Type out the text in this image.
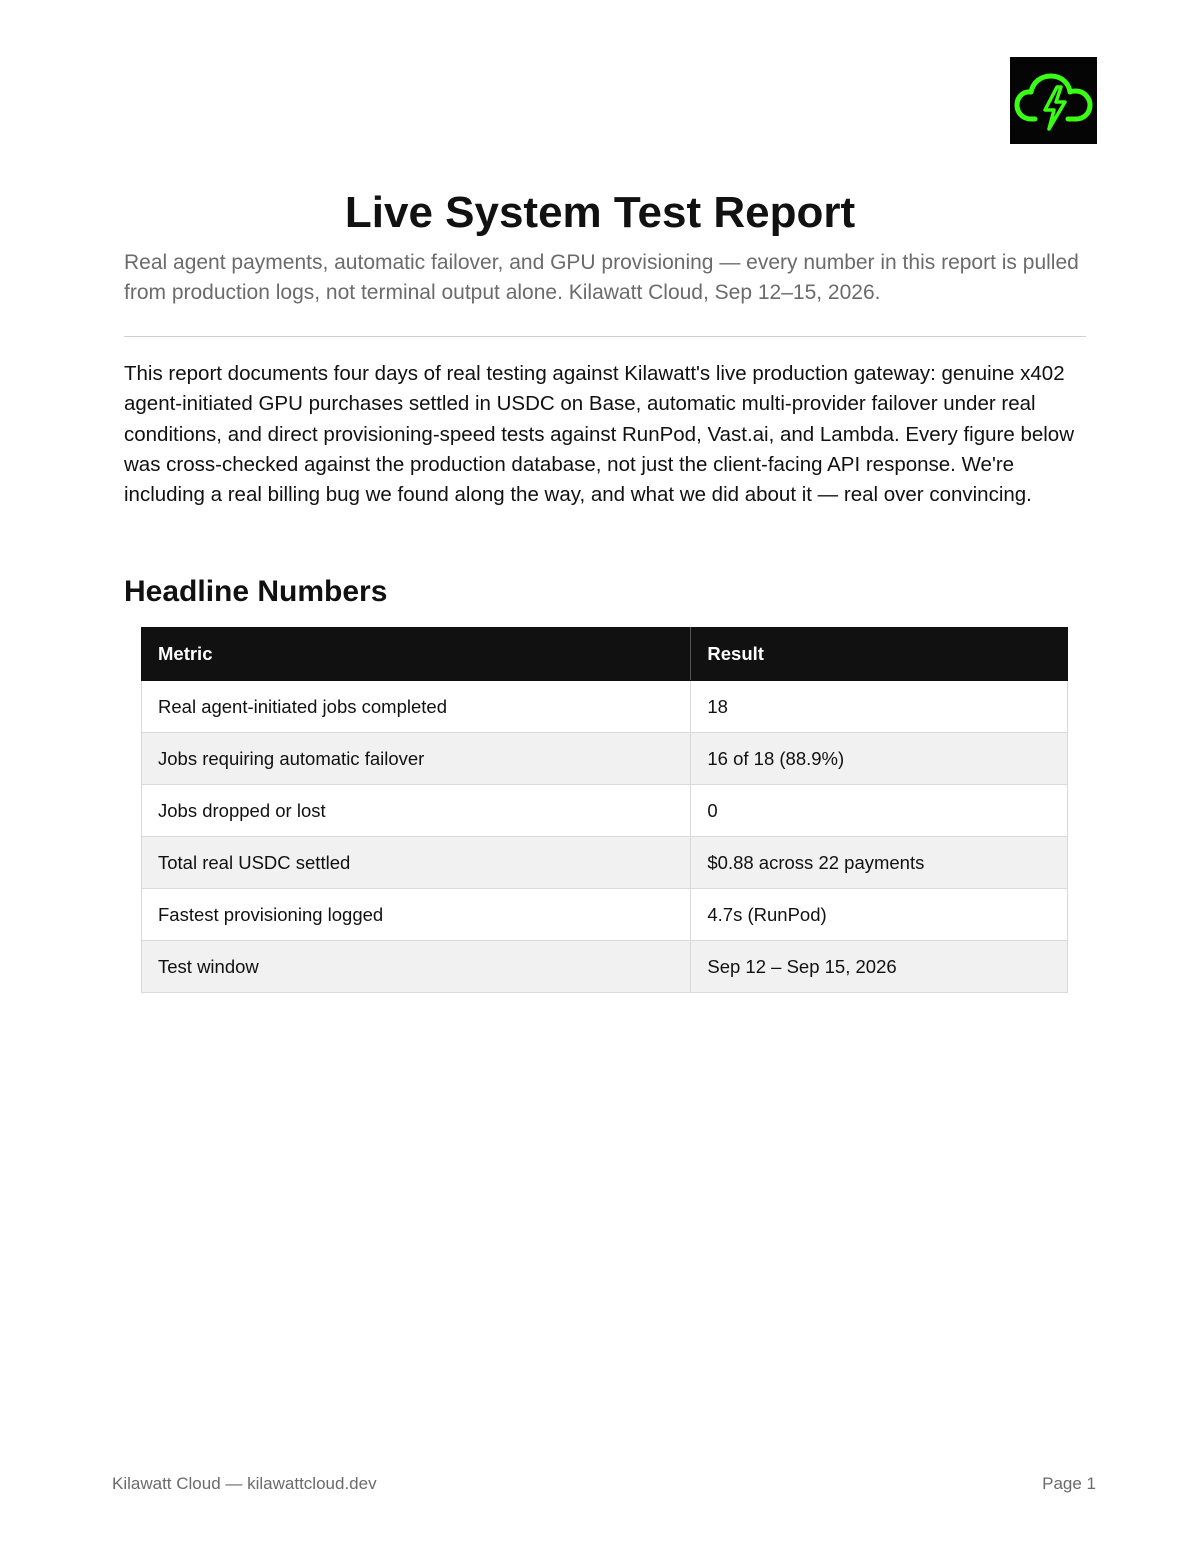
Live System Test Report

Real agent payments, automatic failover, and GPU provisioning — every number in this report is pulled from production logs, not terminal output alone. Kilawatt Cloud, Sep 12–15, 2026.

This report documents four days of real testing against Kilawatt's live production gateway: genuine x402 agent-initiated GPU purchases settled in USDC on Base, automatic multi-provider failover under real conditions, and direct provisioning-speed tests against RunPod, Vast.ai, and Lambda. Every figure below was cross-checked against the production database, not just the client-facing API response. We're including a real billing bug we found along the way, and what we did about it — real over convincing.

Headline Numbers
Metric	Result
Real agent-initiated jobs completed	18
Jobs requiring automatic failover	16 of 18 (88.9%)
Jobs dropped or lost	0
Total real USDC settled	$0.88 across 22 payments
Fastest provisioning logged	4.7s (RunPod)
Test window	Sep 12 – Sep 15, 2026
Kilawatt Cloud — kilawattcloud.dev	Page 1
